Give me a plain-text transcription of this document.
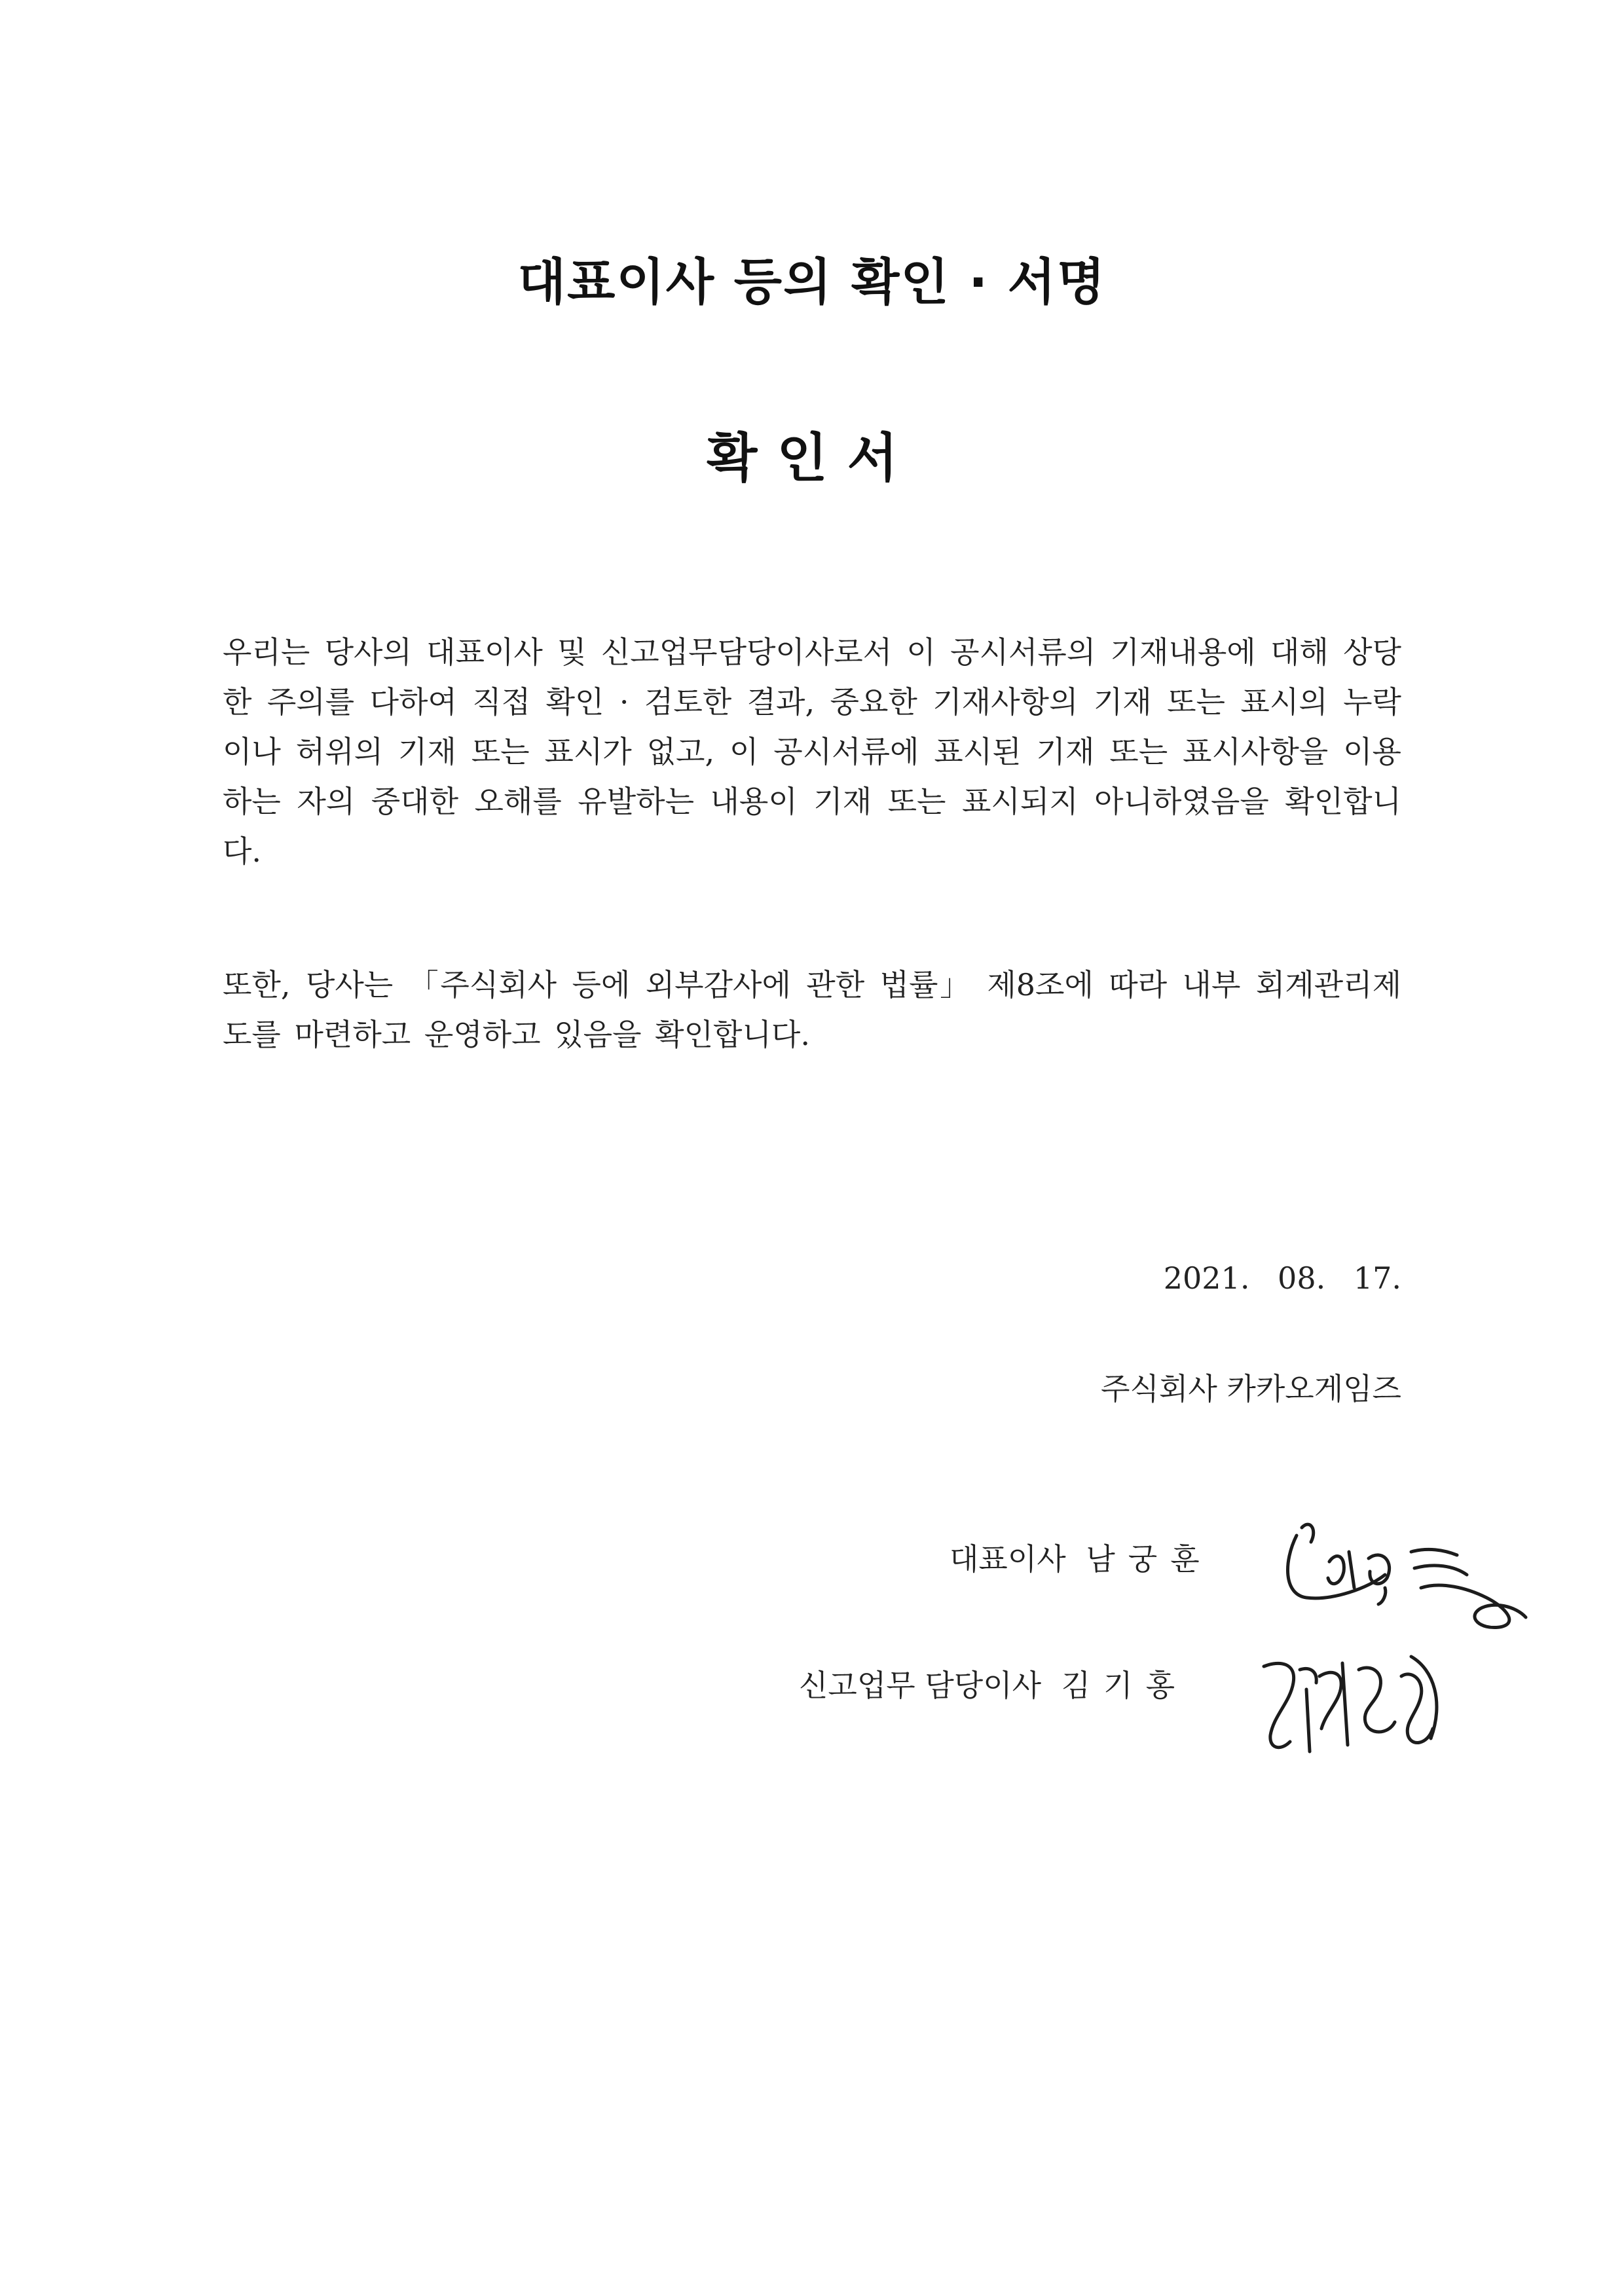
대표이사 등의 확인 · 서명
확인서

우리는 당사의 대표이사 및 신고업무담당이사로서 이 공시서류의 기재내용에 대해 상당한 주의를 다하여 직접 확인 · 검토한 결과, 중요한 기재사항의 기재 또는 표시의 누락이나 허위의 기재 또는 표시가 없고, 이 공시서류에 표시된 기재 또는 표시사항을 이용하는 자의 중대한 오해를 유발하는 내용이 기재 또는 표시되지 아니하였음을 확인합니다.

또한, 당사는 「주식회사 등에 외부감사에 관한 법률」 제8조에 따라 내부 회계관리제도를 마련하고 운영하고 있음을 확인합니다.

2021. 08. 17.
주식회사 카카오게임즈
대표이사 남궁훈
신고업무 담당이사 김기홍
